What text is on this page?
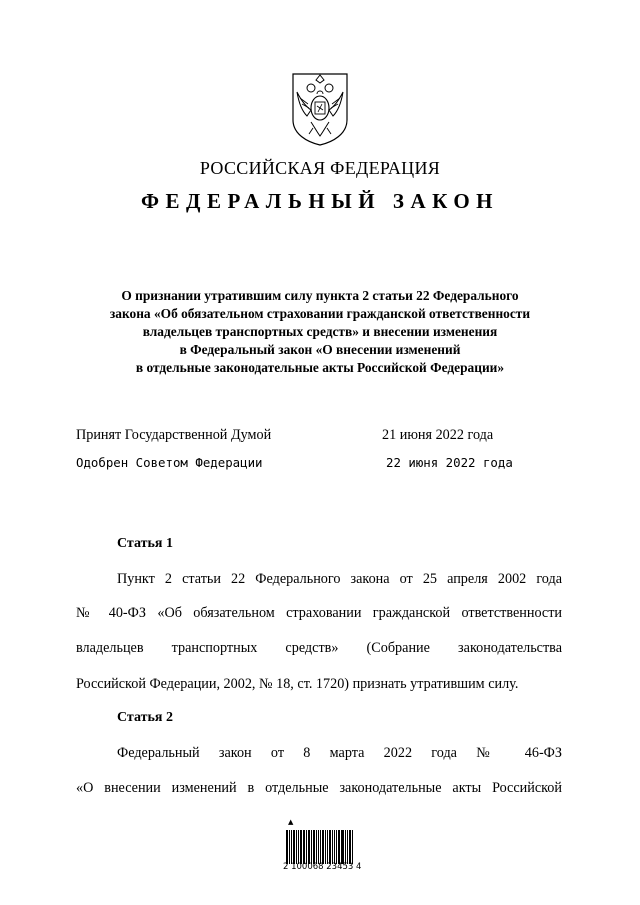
РОССИЙСКАЯ ФЕДЕРАЦИЯ
ФЕДЕРАЛЬНЫЙ ЗАКОН
О признании утратившим силу пункта 2 статьи 22 Федерального
закона «Об обязательном страховании гражданской ответственности
владельцев транспортных средств» и внесении изменения
в Федеральный закон «О внесении изменений
в отдельные законодательные акты Российской Федерации»
Принят Государственной Думой	21 июня 2022 года
Одобрен Советом Федерации	22 июня 2022 года
Статья 1
Пункт 2 статьи 22 Федерального закона от 25 апреля 2002 года
№ 40-ФЗ «Об обязательном страховании гражданской ответственности
владельцев транспортных средств» (Собрание законодательства
Российской Федерации, 2002, № 18, ст. 1720) признать утратившим силу.
Статья 2
Федеральный закон от 8 марта 2022 года № 46-ФЗ
«О внесении изменений в отдельные законодательные акты Российской
▲
2 100068 23453 4
